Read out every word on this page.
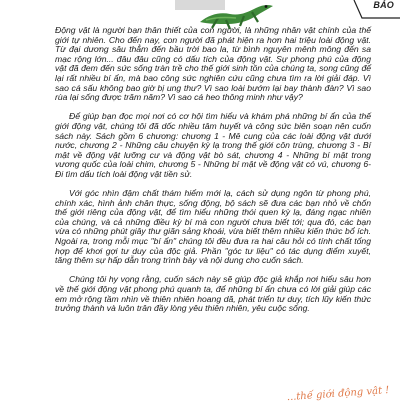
BÁO

Động vật là người bạn thân thiết của con người, là những nhân vật chính của thế giới tự nhiên. Cho đến nay, con người đã phát hiện ra hơn hai triệu loài động vật. Từ đại dương sâu thẳm đến bầu trời bao la, từ bình nguyên mênh mông đến sa mạc rộng lớn... đâu đâu cũng có dấu tích của động vật. Sự phong phú của động vật đã đem đến sức sống tràn trề cho thế giới sinh tồn của chúng ta, song cũng để lại rất nhiều bí ẩn, mà bao công sức nghiên cứu cũng chưa tìm ra lời giải đáp. Vì sao cá sấu không bao giờ bị ung thư? Vì sao loài bướm lại bay thành đàn? Vì sao rùa lại sống được trăm năm? Vì sao cá heo thông minh như vậy?

Để giúp bạn đọc mọi nơi có cơ hội tìm hiểu và khám phá những bí ẩn của thế giới động vật, chúng tôi đã dốc nhiều tâm huyết và công sức biên soạn nên cuốn sách này. Sách gồm 6 chương: chương 1 - Mê cung của các loài động vật dưới nước, chương 2 - Những câu chuyện kỳ lạ trong thế giới côn trùng, chương 3 - Bí mật về động vật lưỡng cư và động vật bò sát, chương 4 - Những bí mật trong vương quốc của loài chim, chương 5 - Những bí mật về động vật có vú, chương 6- Đi tìm dấu tích loài động vật tiền sử.

Với góc nhìn đậm chất thám hiểm mới lạ, cách sử dụng ngôn từ phong phú, chính xác, hình ảnh chân thực, sống động, bộ sách sẽ đưa các bạn nhỏ về chốn thế giới riêng của động vật, để tìm hiểu những thói quen kỳ lạ, đáng ngạc nhiên của chúng, và cả những điều kỳ bí mà con người chưa biết tới; qua đó, các bạn vừa có những phút giây thư giãn sảng khoái, vừa biết thêm nhiều kiến thức bổ ích. Ngoài ra, trong mỗi mục "bí ẩn" chúng tôi đều đưa ra hai câu hỏi có tính chất tổng hợp để khơi gợi tư duy của độc giả. Phần "góc tư liệu" có tác dụng điểm xuyết, tăng thêm sự hấp dẫn trong trình bày và nội dung cho cuốn sách.

Chúng tôi hy vọng rằng, cuốn sách này sẽ giúp độc giả khắp nơi hiểu sâu hơn về thế giới động vật phong phú quanh ta, để những bí ẩn chưa có lời giải giúp các em mở rộng tầm nhìn về thiên nhiên hoang dã, phát triển tư duy, tích lũy kiến thức trưởng thành và luôn trân đầy lòng yêu thiên nhiên, yêu cuộc sống.

...thế giới động vật !
